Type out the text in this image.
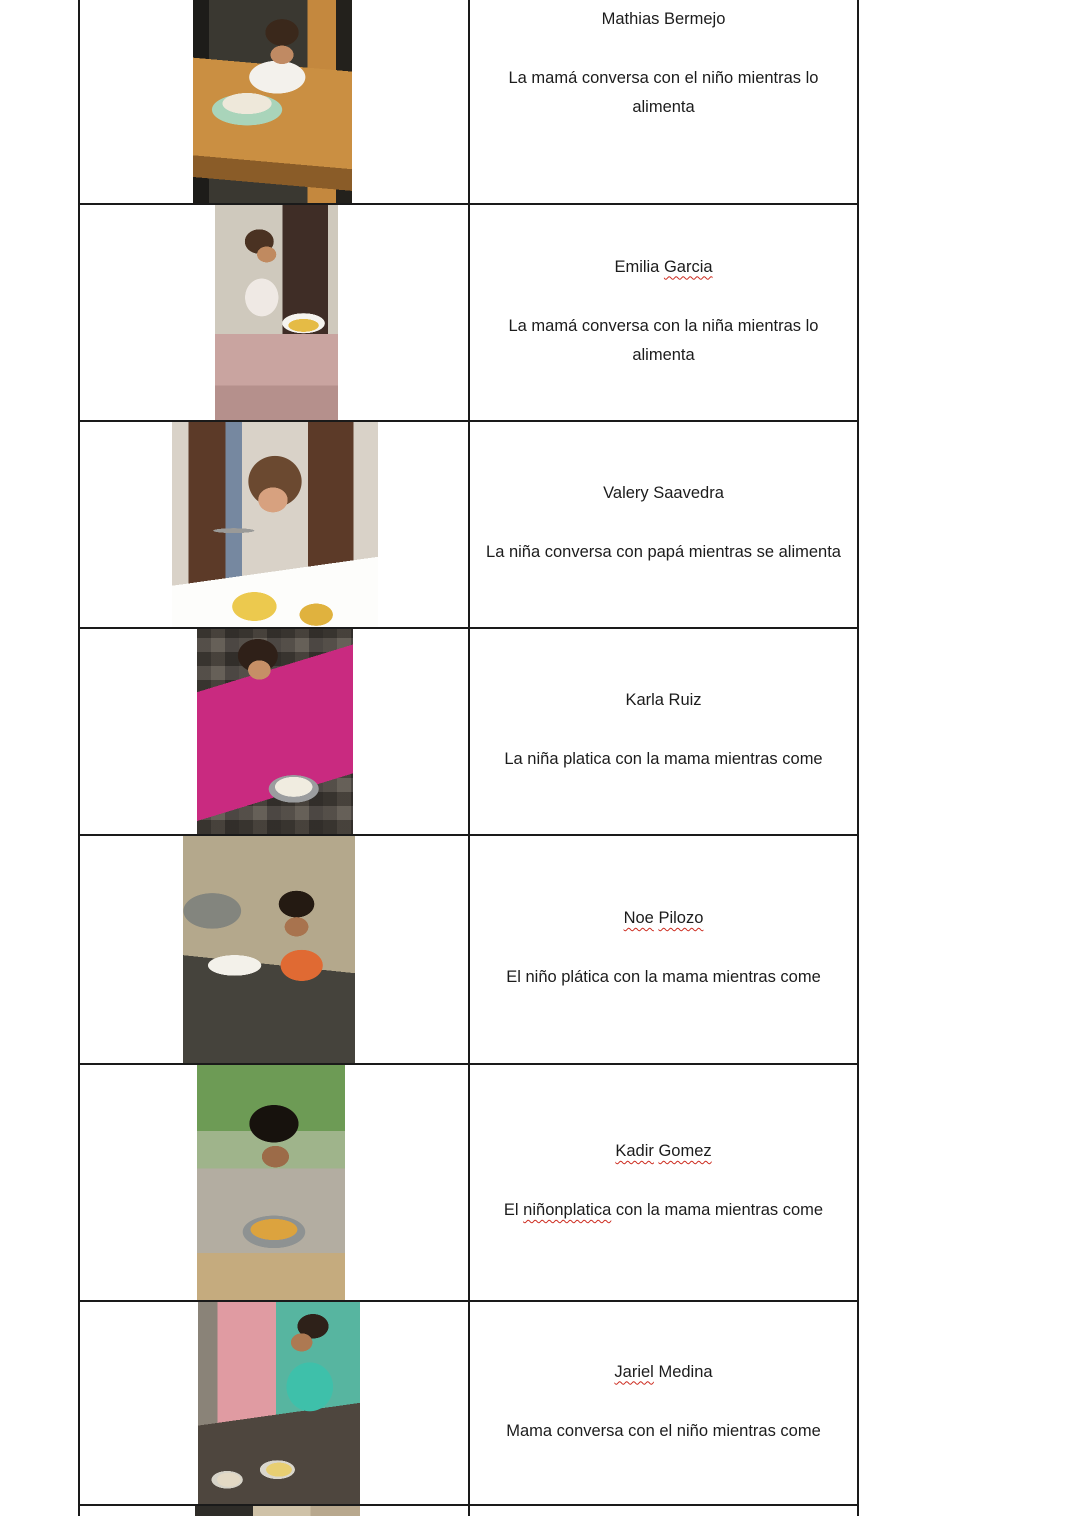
Mathias Bermejo
La mamá conversa con el niño mientras lo alimenta
Emilia Garcia
La mamá conversa con la niña mientras lo alimenta
Valery Saavedra
La niña conversa con papá mientras se alimenta
Karla Ruiz
La niña platica con la mama mientras come
Noe Pilozo
El niño plática con la mama mientras come
Kadir Gomez
El niñonplatica con la mama mientras come
Jariel Medina
Mama conversa con el niño mientras come
